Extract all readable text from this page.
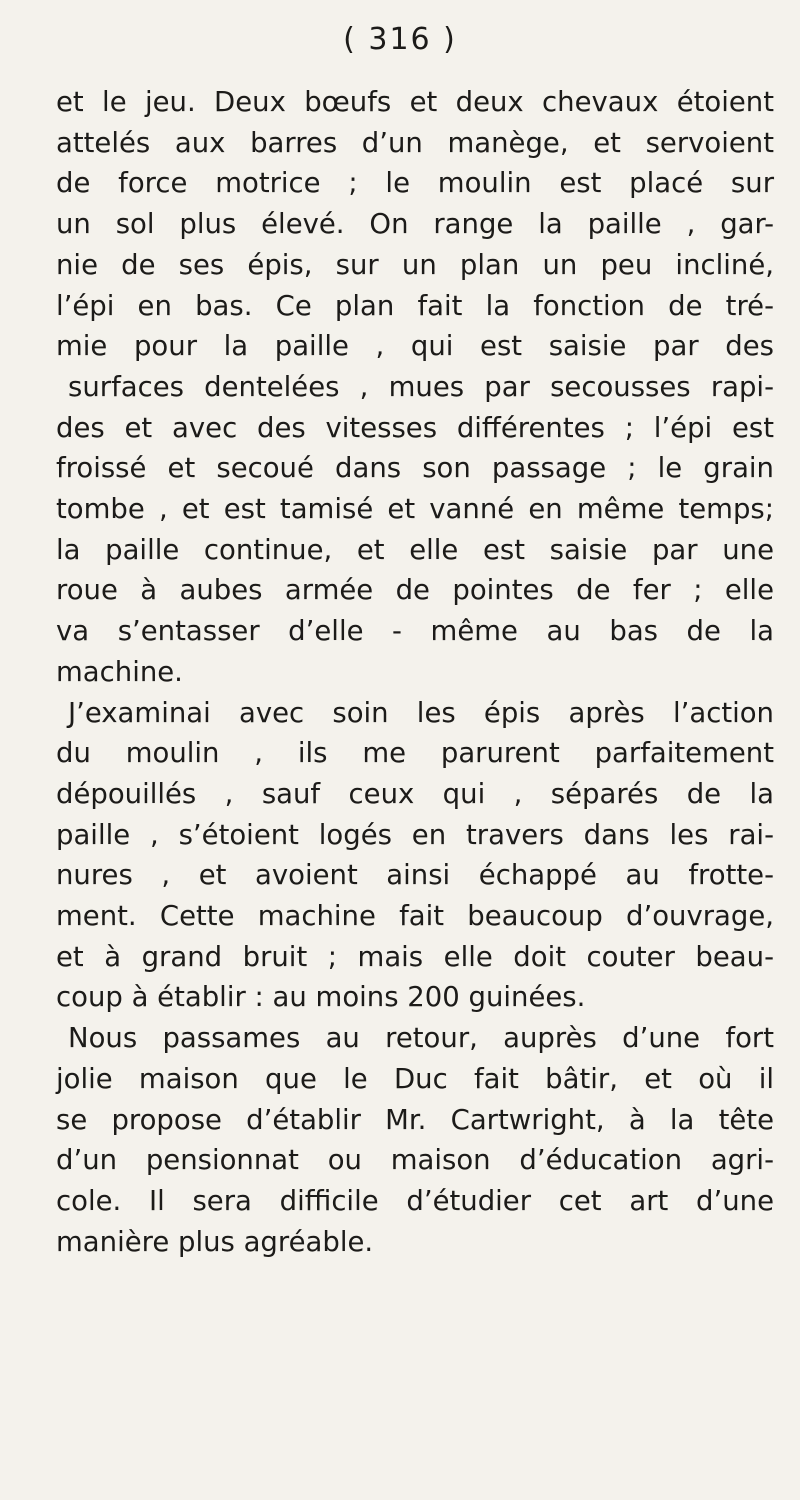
( 316 )
et le jeu. Deux bœufs et deux chevaux étoient
attelés aux barres d’un manège, et servoient
de force motrice ; le moulin est placé sur
un sol plus élevé. On range la paille , gar-
nie de ses épis, sur un plan un peu incliné,
l’épi en bas. Ce plan fait la fonction de tré-
mie pour la paille , qui est saisie par des
surfaces dentelées , mues par secousses rapi-
des et avec des vitesses différentes ; l’épi est
froissé et secoué dans son passage ; le grain
tombe , et est tamisé et vanné en même temps;
la paille continue, et elle est saisie par une
roue à aubes armée de pointes de fer ; elle
va s’entasser d’elle - même au bas de la
machine.
J’examinai avec soin les épis après l’action
du moulin , ils me parurent parfaitement
dépouillés , sauf ceux qui , séparés de la
paille , s’étoient logés en travers dans les rai-
nures , et avoient ainsi échappé au frotte-
ment. Cette machine fait beaucoup d’ouvrage,
et à grand bruit ; mais elle doit couter beau-
coup à établir : au moins 200 guinées.
Nous passames au retour, auprès d’une fort
jolie maison que le Duc fait bâtir, et où il
se propose d’établir Mr. Cartwright, à la tête
d’un pensionnat ou maison d’éducation agri-
cole. Il sera difficile d’étudier cet art d’une
manière plus agréable.
